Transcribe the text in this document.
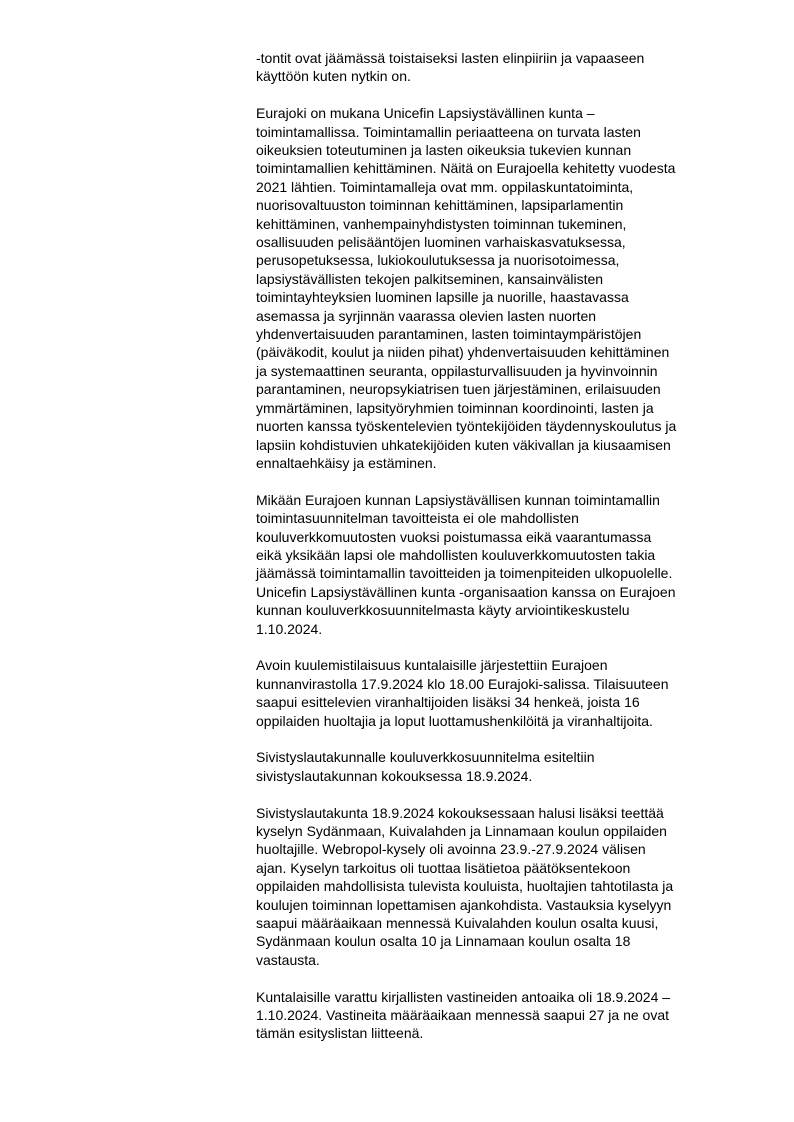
-tontit ovat jäämässä toistaiseksi lasten elinpiiriin ja vapaaseen
käyttöön kuten nytkin on.

Eurajoki on mukana Unicefin Lapsiystävällinen kunta –
toimintamallissa. Toimintamallin periaatteena on turvata lasten
oikeuksien toteutuminen ja lasten oikeuksia tukevien kunnan
toimintamallien kehittäminen. Näitä on Eurajoella kehitetty vuodesta
2021 lähtien. Toimintamalleja ovat mm. oppilaskuntatoiminta,
nuorisovaltuuston toiminnan kehittäminen, lapsiparlamentin
kehittäminen, vanhempainyhdistysten toiminnan tukeminen,
osallisuuden pelisääntöjen luominen varhaiskasvatuksessa,
perusopetuksessa, lukiokoulutuksessa ja nuorisotoimessa,
lapsiystävällisten tekojen palkitseminen, kansainvälisten
toimintayhteyksien luominen lapsille ja nuorille, haastavassa
asemassa ja syrjinnän vaarassa olevien lasten nuorten
yhdenvertaisuuden parantaminen, lasten toimintaympäristöjen
(päiväkodit, koulut ja niiden pihat) yhdenvertaisuuden kehittäminen
ja systemaattinen seuranta, oppilasturvallisuuden ja hyvinvoinnin
parantaminen, neuropsykiatrisen tuen järjestäminen, erilaisuuden
ymmärtäminen, lapsityöryhmien toiminnan koordinointi, lasten ja
nuorten kanssa työskentelevien työntekijöiden täydennyskoulutus ja
lapsiin kohdistuvien uhkatekijöiden kuten väkivallan ja kiusaamisen
ennaltaehkäisy ja estäminen.

Mikään Eurajoen kunnan Lapsiystävällisen kunnan toimintamallin
toimintasuunnitelman tavoitteista ei ole mahdollisten
kouluverkkomuutosten vuoksi poistumassa eikä vaarantumassa
eikä yksikään lapsi ole mahdollisten kouluverkkomuutosten takia
jäämässä toimintamallin tavoitteiden ja toimenpiteiden ulkopuolelle.
Unicefin Lapsiystävällinen kunta -organisaation kanssa on Eurajoen
kunnan kouluverkkosuunnitelmasta käyty arviointikeskustelu
1.10.2024.

Avoin kuulemistilaisuus kuntalaisille järjestettiin Eurajoen
kunnanvirastolla 17.9.2024 klo 18.00 Eurajoki-salissa. Tilaisuuteen
saapui esittelevien viranhaltijoiden lisäksi 34 henkeä, joista 16
oppilaiden huoltajia ja loput luottamushenkilöitä ja viranhaltijoita.

Sivistyslautakunnalle kouluverkkosuunnitelma esiteltiin
sivistyslautakunnan kokouksessa 18.9.2024.

Sivistyslautakunta 18.9.2024 kokouksessaan halusi lisäksi teettää
kyselyn Sydänmaan, Kuivalahden ja Linnamaan koulun oppilaiden
huoltajille. Webropol-kysely oli avoinna 23.9.-27.9.2024 välisen
ajan. Kyselyn tarkoitus oli tuottaa lisätietoa päätöksentekoon
oppilaiden mahdollisista tulevista kouluista, huoltajien tahtotilasta ja
koulujen toiminnan lopettamisen ajankohdista. Vastauksia kyselyyn
saapui määräaikaan mennessä Kuivalahden koulun osalta kuusi,
Sydänmaan koulun osalta 10 ja Linnamaan koulun osalta 18
vastausta.

Kuntalaisille varattu kirjallisten vastineiden antoaika oli 18.9.2024 –
1.10.2024. Vastineita määräaikaan mennessä saapui 27 ja ne ovat
tämän esityslistan liitteenä.
